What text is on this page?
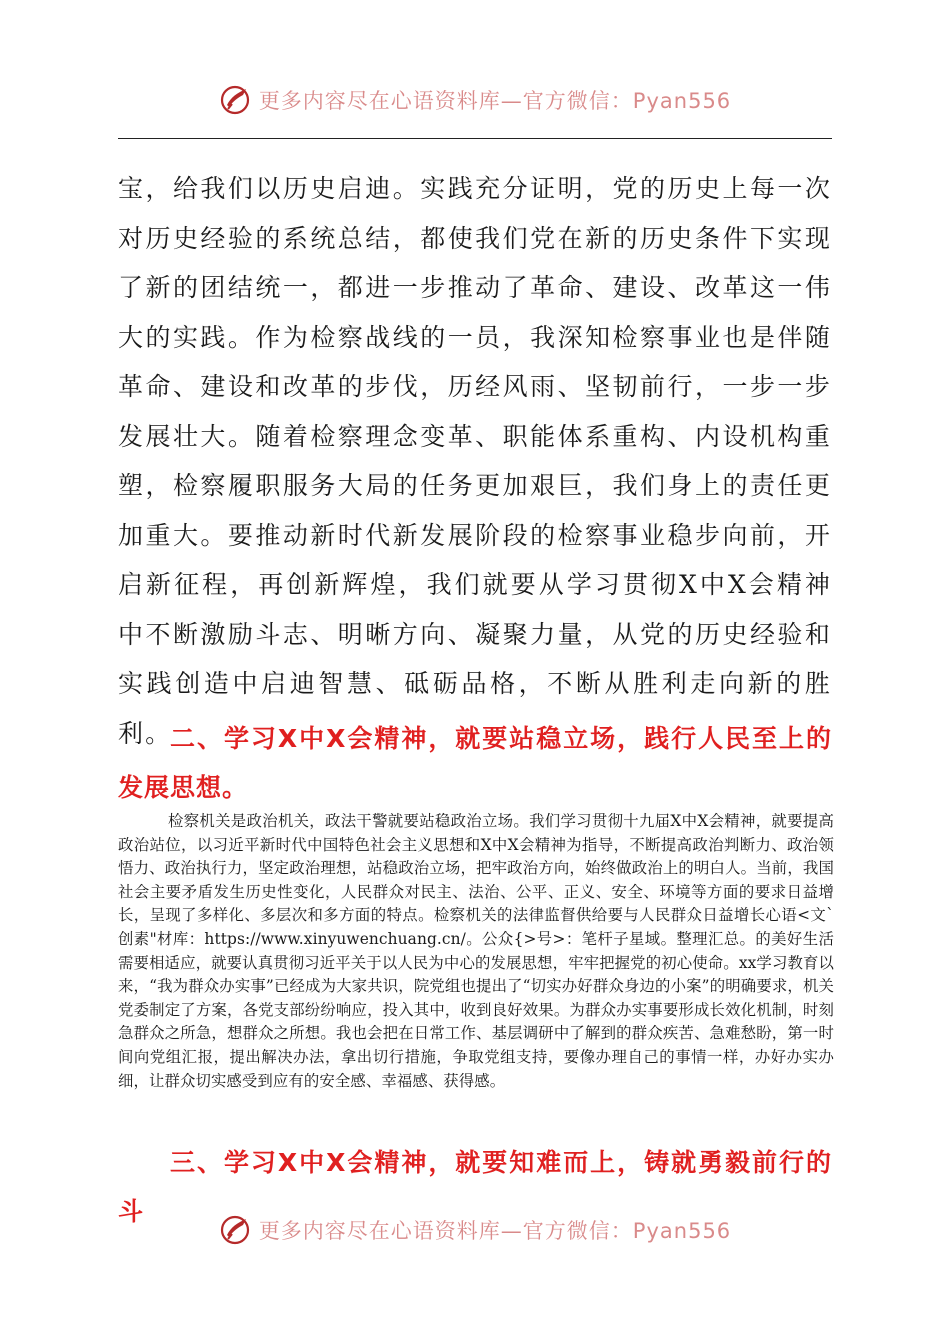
更多内容尽在心语资料库—官方微信：Pyan556

宝，给我们以历史启迪。实践充分证明，党的历史上每一次对历史经验的系统总结，都使我们党在新的历史条件下实现了新的团结统一，都进一步推动了革命、建设、改革这一伟大的实践。作为检察战线的一员，我深知检察事业也是伴随革命、建设和改革的步伐，历经风雨、坚韧前行，一步一步发展壮大。随着检察理念变革、职能体系重构、内设机构重塑，检察履职服务大局的任务更加艰巨，我们身上的责任更加重大。要推动新时代新发展阶段的检察事业稳步向前，开启新征程，再创新辉煌，我们就要从学习贯彻X中X会精神中不断激励斗志、明晰方向、凝聚力量，从党的历史经验和实践创造中启迪智慧、砥砺品格，不断从胜利走向新的胜利。

二、学习X中X会精神，就要站稳立场，践行人民至上的发展思想。

检察机关是政治机关，政法干警就要站稳政治立场。我们学习贯彻十九届X中X会精神，就要提高政治站位，以习近平新时代中国特色社会主义思想和X中X会精神为指导，不断提高政治判断力、政治领悟力、政治执行力，坚定政治理想，站稳政治立场，把牢政治方向，始终做政治上的明白人。当前，我国社会主要矛盾发生历史性变化，人民群众对民主、法治、公平、正义、安全、环境等方面的要求日益增长，呈现了多样化、多层次和多方面的特点。检察机关的法律监督供给要与人民群众日益增长心语<文`创素"材库：https://www.xinyuwenchuang.cn/。公众{>号>：笔杆子星域。整理汇总。的美好生活需要相适应，就要认真贯彻习近平关于以人民为中心的发展思想，牢牢把握党的初心使命。xx学习教育以来，“我为群众办实事”已经成为大家共识，院党组也提出了“切实办好群众身边的小案”的明确要求，机关党委制定了方案，各党支部纷纷响应，投入其中，收到良好效果。为群众办实事要形成长效化机制，时刻急群众之所急，想群众之所想。我也会把在日常工作、基层调研中了解到的群众疾苦、急难愁盼，第一时间向党组汇报，提出解决办法，拿出切行措施，争取党组支持，要像办理自己的事情一样，办好办实办细，让群众切实感受到应有的安全感、幸福感、获得感。

三、学习X中X会精神，就要知难而上，铸就勇毅前行的斗

更多内容尽在心语资料库—官方微信：Pyan556
